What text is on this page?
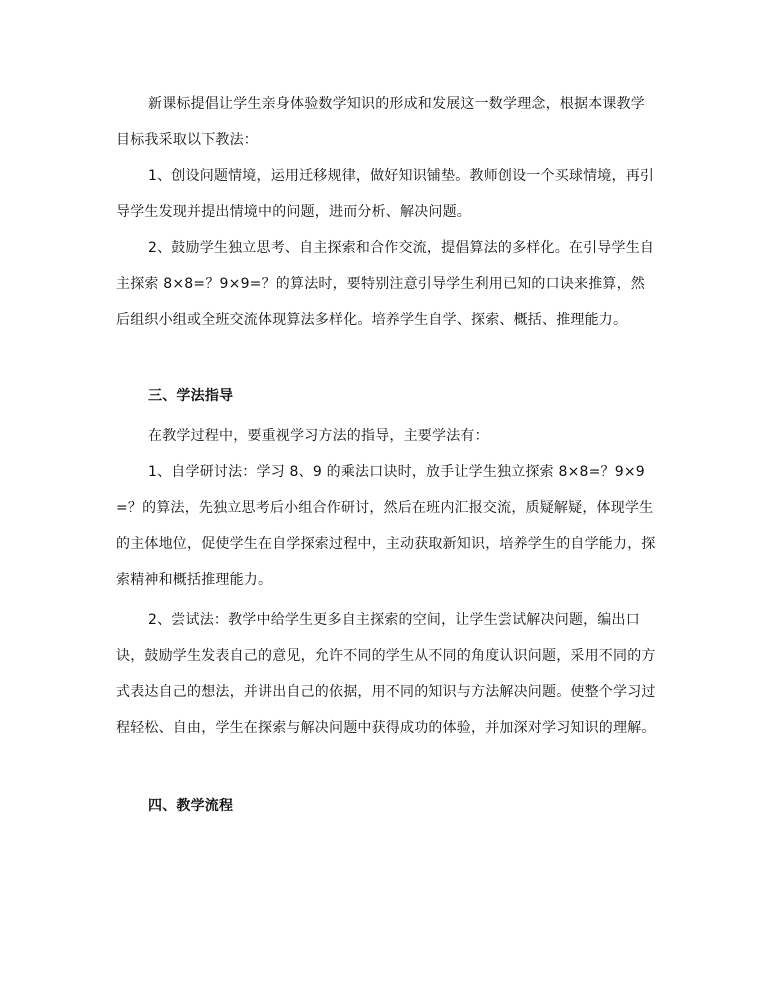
新课标提倡让学生亲身体验数学知识的形成和发展这一数学理念，根据本课教学目标我采取以下教法：

1、创设问题情境，运用迁移规律，做好知识铺垫。教师创设一个买球情境，再引导学生发现并提出情境中的问题，进而分析、解决问题。

2、鼓励学生独立思考、自主探索和合作交流，提倡算法的多样化。在引导学生自主探索 8×8=？9×9=？的算法时，要特别注意引导学生利用已知的口诀来推算，然后组织小组或全班交流体现算法多样化。培养学生自学、探索、概括、推理能力。

三、学法指导

在教学过程中，要重视学习方法的指导，主要学法有：

1、自学研讨法：学习 8、9 的乘法口诀时，放手让学生独立探索 8×8=？9×9=？的算法，先独立思考后小组合作研讨，然后在班内汇报交流，质疑解疑，体现学生的主体地位，促使学生在自学探索过程中，主动获取新知识，培养学生的自学能力，探索精神和概括推理能力。

2、尝试法：教学中给学生更多自主探索的空间，让学生尝试解决问题，编出口诀，鼓励学生发表自己的意见，允许不同的学生从不同的角度认识问题，采用不同的方式表达自己的想法，并讲出自己的依据，用不同的知识与方法解决问题。使整个学习过程轻松、自由，学生在探索与解决问题中获得成功的体验，并加深对学习知识的理解。

四、教学流程
